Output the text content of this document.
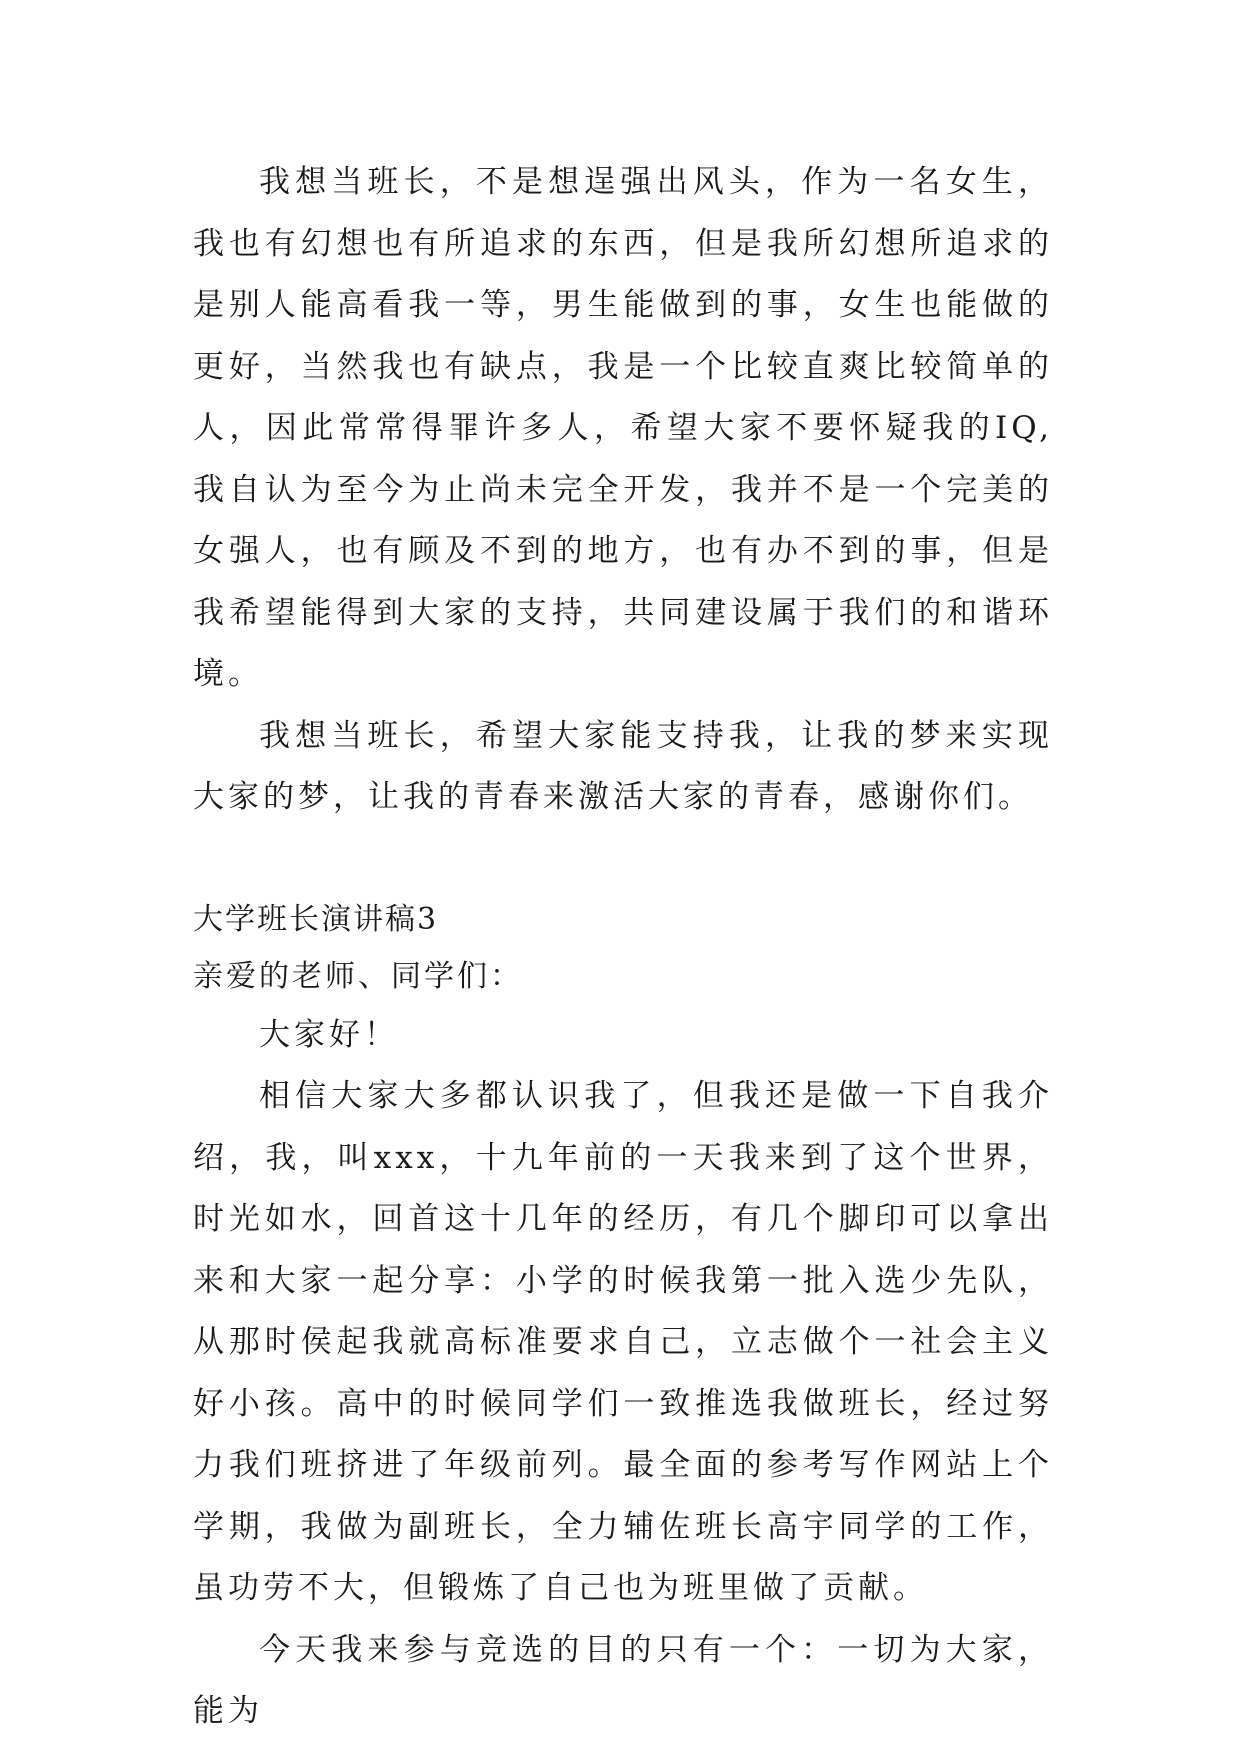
我想当班长，不是想逞强出风头，作为一名女生，我也有幻想也有所追求的东西，但是我所幻想所追求的是别人能高看我一等，男生能做到的事，女生也能做的更好，当然我也有缺点，我是一个比较直爽比较简单的人，因此常常得罪许多人，希望大家不要怀疑我的IQ,我自认为至今为止尚未完全开发，我并不是一个完美的女强人，也有顾及不到的地方，也有办不到的事，但是我希望能得到大家的支持，共同建设属于我们的和谐环境。

我想当班长，希望大家能支持我，让我的梦来实现大家的梦，让我的青春来激活大家的青春，感谢你们。

大学班长演讲稿3

亲爱的老师、同学们：

大家好！

相信大家大多都认识我了，但我还是做一下自我介绍，我，叫xxx，十九年前的一天我来到了这个世界，时光如水，回首这十几年的经历，有几个脚印可以拿出来和大家一起分享：小学的时候我第一批入选少先队，从那时侯起我就高标准要求自己，立志做个一社会主义好小孩。高中的时候同学们一致推选我做班长，经过努力我们班挤进了年级前列。最全面的参考写作网站上个学期，我做为副班长，全力辅佐班长高宇同学的工作，虽功劳不大，但锻炼了自己也为班里做了贡献。

今天我来参与竞选的目的只有一个：一切为大家，能为
